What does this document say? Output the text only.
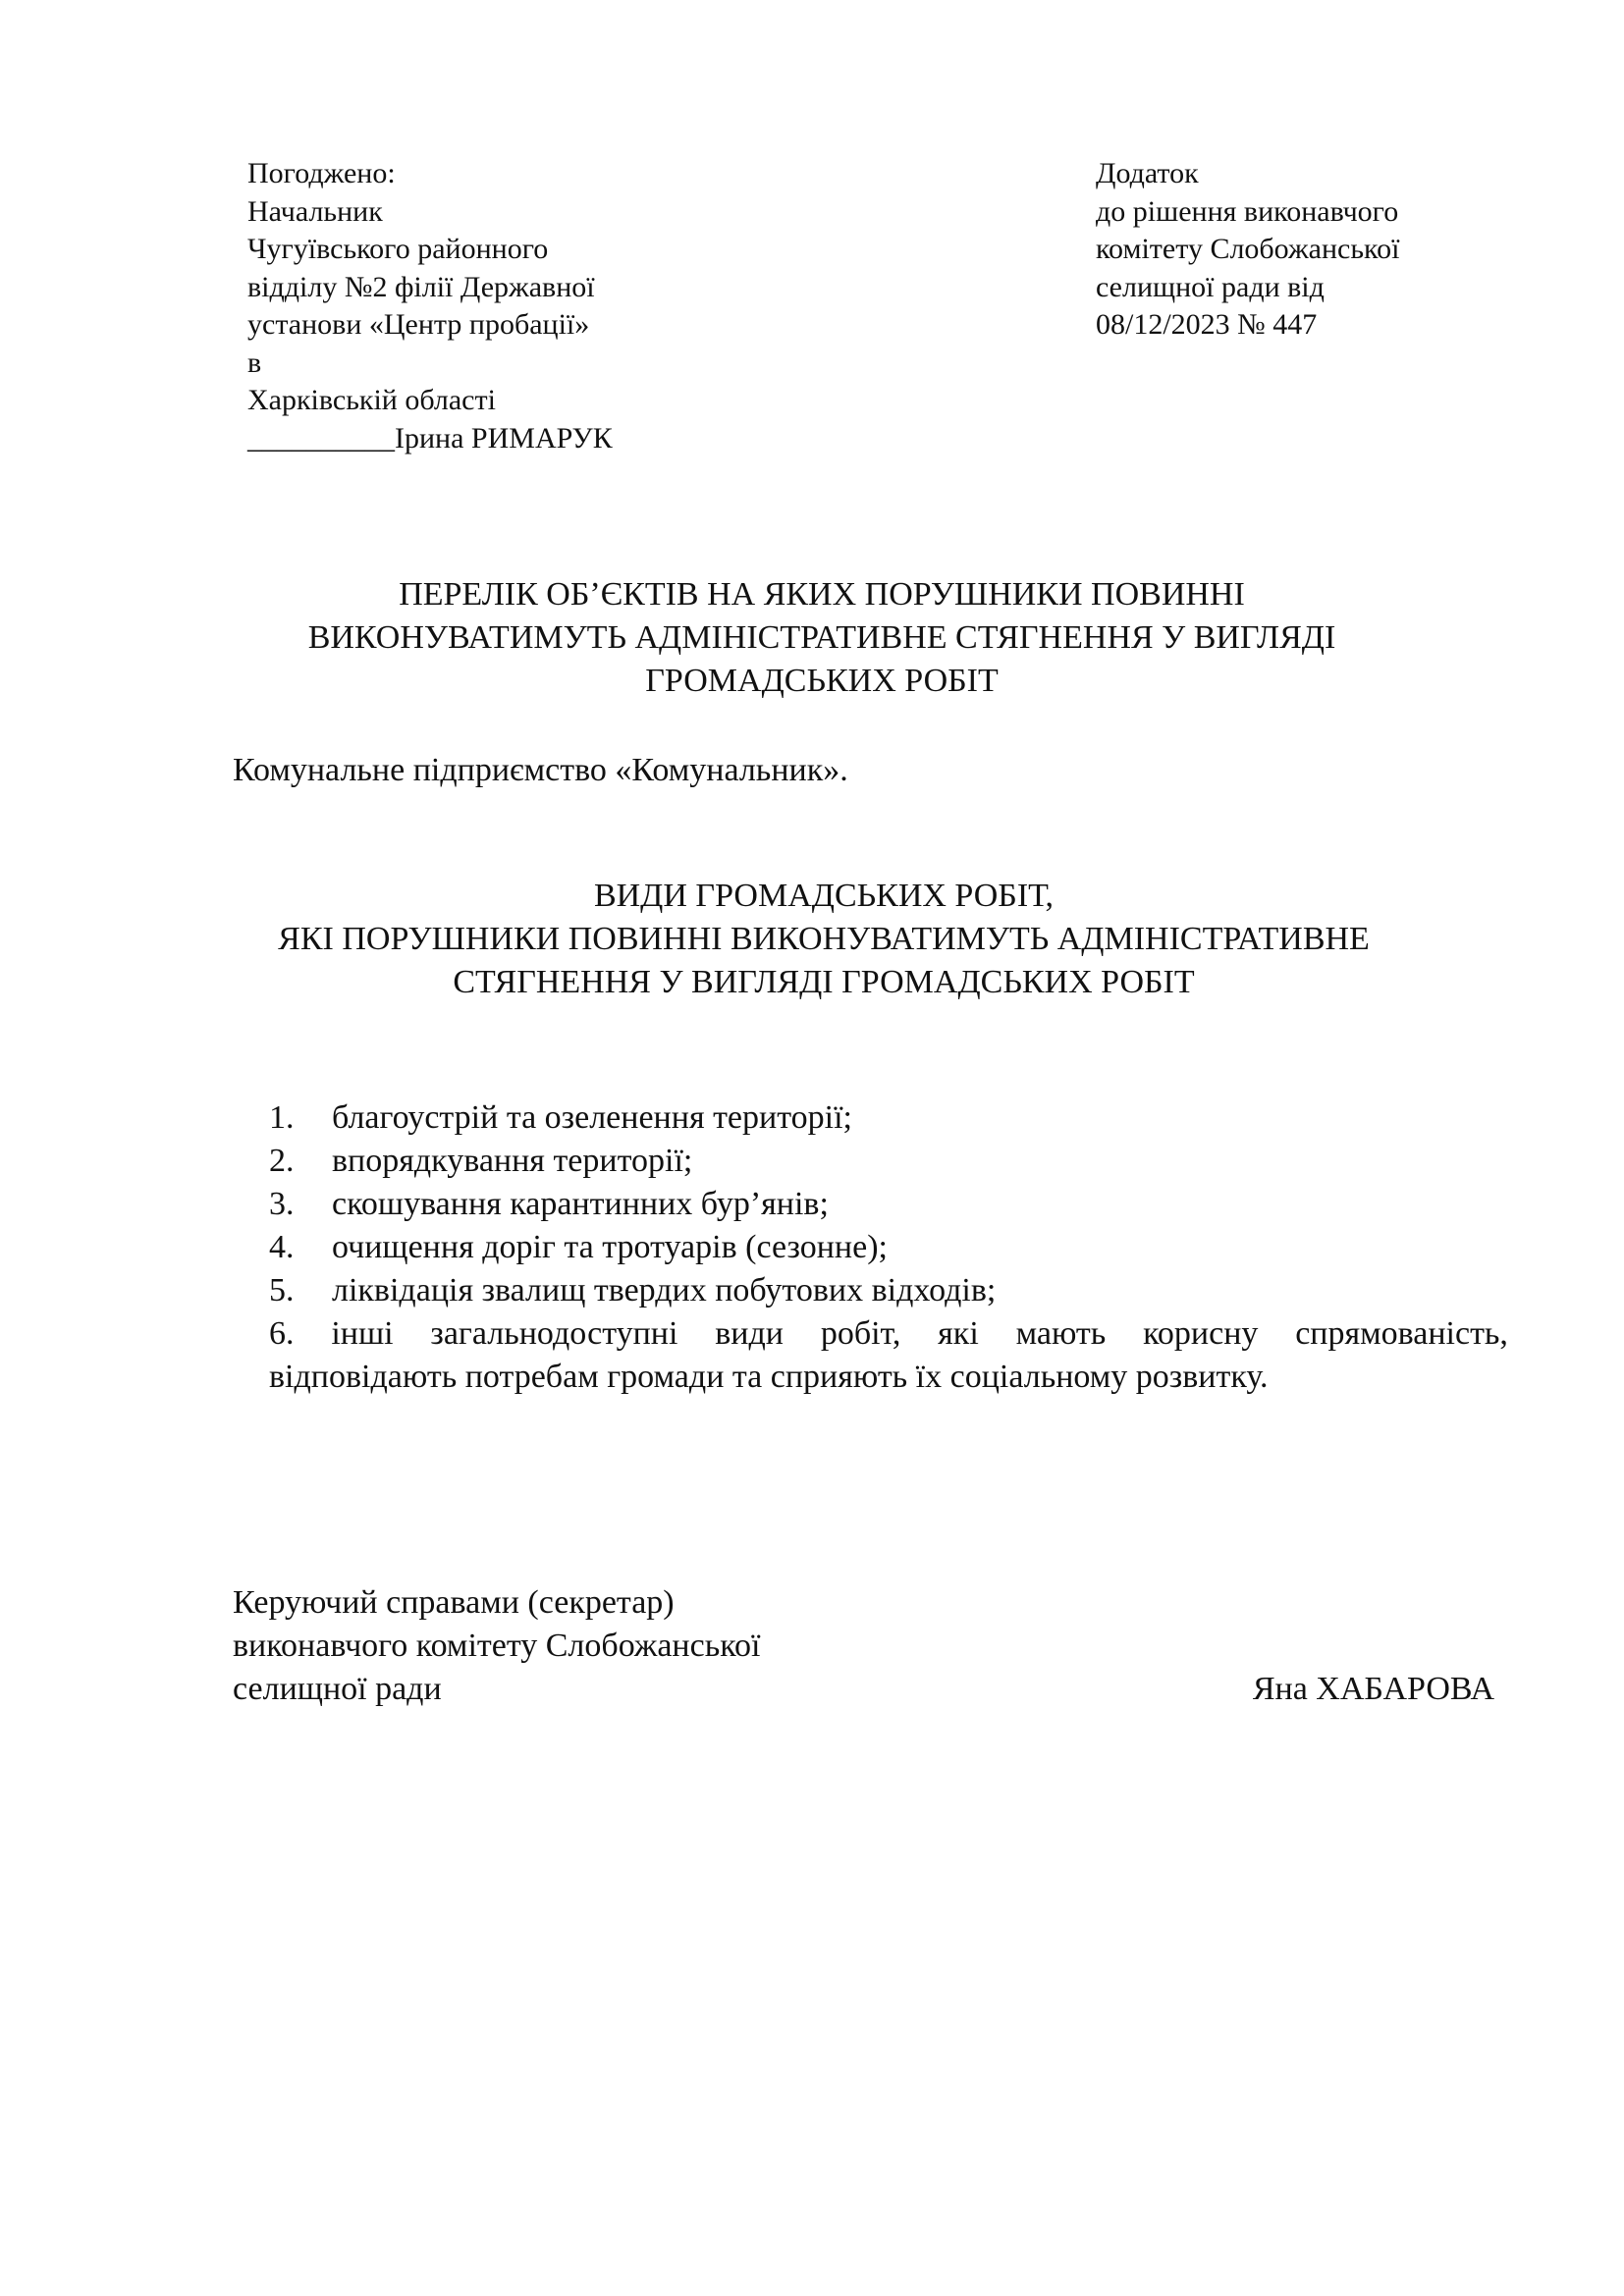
Погоджено:
Начальник
Чугуївського районного
відділу №2 філії Державної
установи «Центр пробації»
в
Харківській області
__________Ірина РИМАРУК
Додаток
до рішення виконавчого
комітету Слобожанської
селищної ради від
08/12/2023 № 447
ПЕРЕЛІК ОБ’ЄКТІВ НА ЯКИХ ПОРУШНИКИ ПОВИННІ
ВИКОНУВАТИМУТЬ АДМІНІСТРАТИВНЕ СТЯГНЕННЯ У ВИГЛЯДІ
ГРОМАДСЬКИХ РОБІТ
Комунальне підприємство «Комунальник».
ВИДИ ГРОМАДСЬКИХ РОБІТ,
ЯКІ ПОРУШНИКИ ПОВИННІ ВИКОНУВАТИМУТЬ АДМІНІСТРАТИВНЕ
СТЯГНЕННЯ У ВИГЛЯДІ ГРОМАДСЬКИХ РОБІТ
1. благоустрій та озеленення території;
2. впорядкування території;
3. скошування карантинних бур’янів;
4. очищення доріг та тротуарів (сезонне);
5. ліквідація звалищ твердих побутових відходів;
6. інші загальнодоступні види робіт, які мають корисну спрямованість,
відповідають потребам громади та сприяють їх соціальному розвитку.
Керуючий справами (секретар)
виконавчого комітету Слобожанської
селищної ради	Яна ХАБАРОВА
